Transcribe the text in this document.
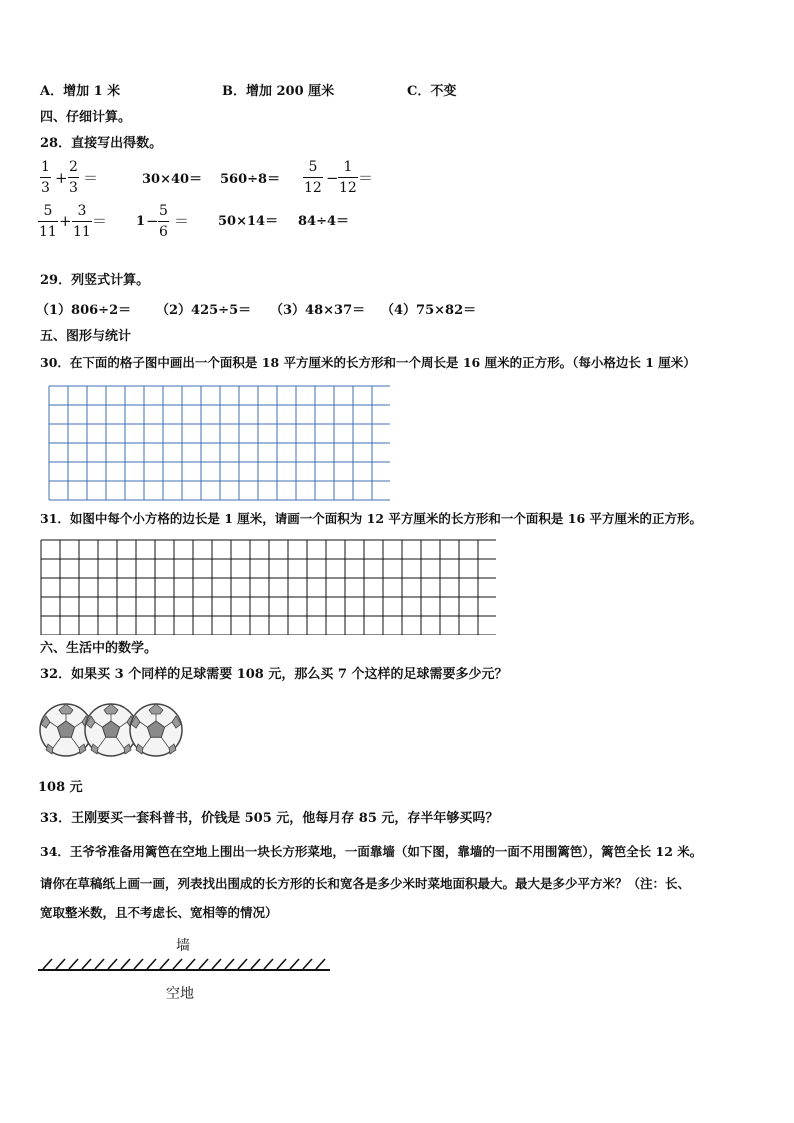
A．增加 1 米	B．增加 200 厘米	C．不变
四、仔细计算。
28．直接写出得数。
1
3
+
2
3
＝	30×40＝ 560÷8＝
5
12
−
1
12
＝
5
11
+
3
11
＝ 1 −
5
6
＝ 50×14＝ 84÷4＝
29．列竖式计算。
（1）806÷2＝ （2）425÷5＝ （3）48×37＝ （4）75×82＝
五、图形与统计
30．在下面的格子图中画出一个面积是 18 平方厘米的长方形和一个周长是 16 厘米的正方形。（每小格边长 1 厘米）
31．如图中每个小方格的边长是 1 厘米，请画一个面积为 12 平方厘米的长方形和一个面积是 16 平方厘米的正方形。
六、生活中的数学。
32．如果买 3 个同样的足球需要 108 元，那么买 7 个这样的足球需要多少元？
108 元
33．王刚要买一套科普书，价钱是 505 元，他每月存 85 元，存半年够买吗？
34．王爷爷准备用篱笆在空地上围出一块长方形菜地，一面靠墙（如下图，靠墙的一面不用围篱笆），篱笆全长 12 米。
请你在草稿纸上画一画，列表找出围成的长方形的长和宽各是多少米时菜地面积最大。最大是多少平方米？（注：长、
宽取整米数，且不考虑长、宽相等的情况）
墙
空地
